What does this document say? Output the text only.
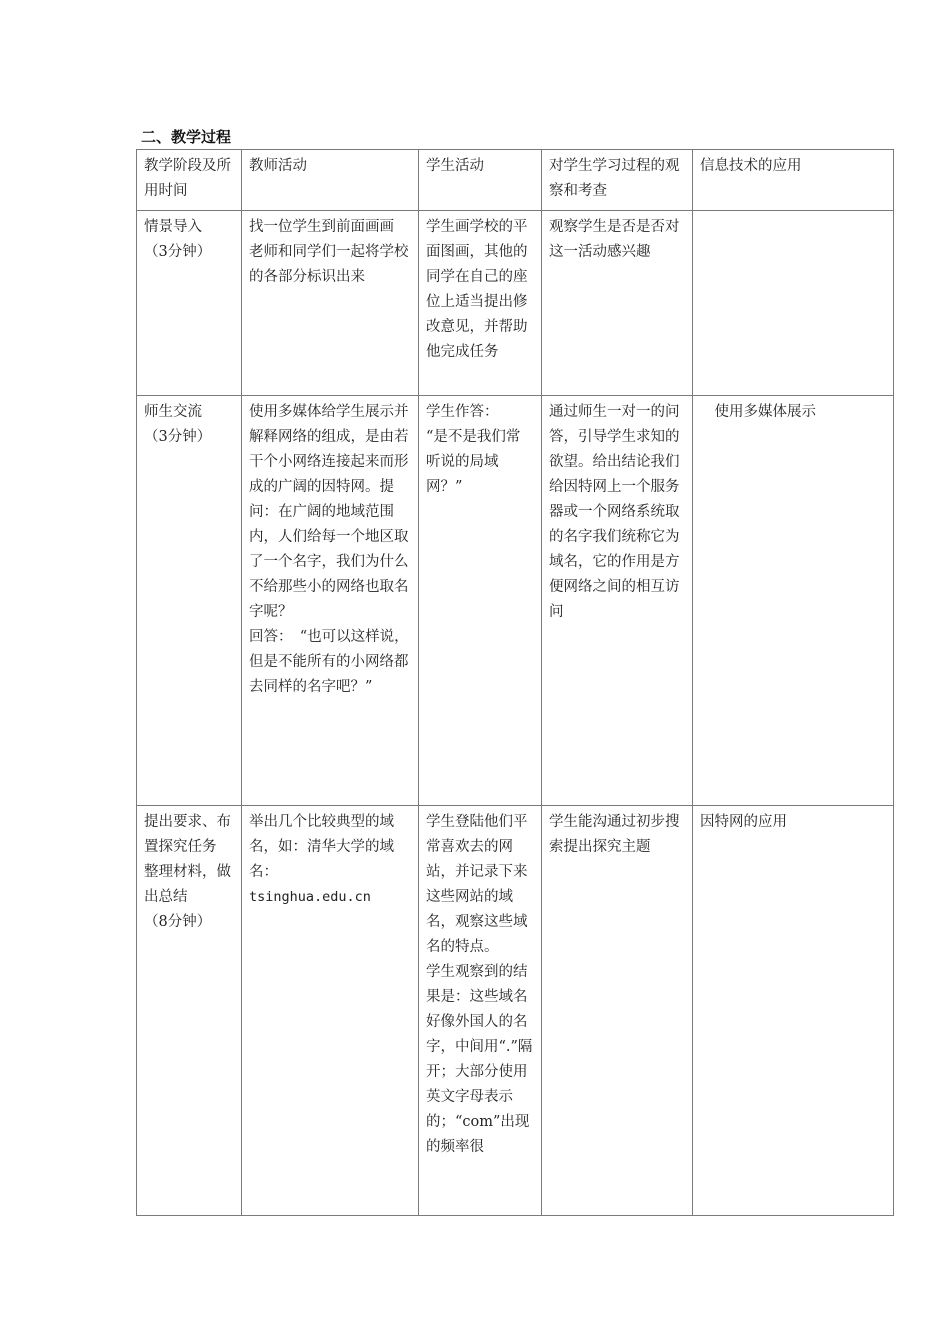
二、教学过程
教学阶段及所用时间	教师活动	学生活动	对学生学习过程的观察和考查	信息技术的应用

情景导入
（3分钟）	找一位学生到前面画画
老师和同学们一起将学校的各部分标识出来	学生画学校的平面图画，其他的同学在自己的座位上适当提出修改意见，并帮助他完成任务	观察学生是否是否对这一活动感兴趣	

师生交流
（3分钟）	使用多媒体给学生展示并解释网络的组成，是由若干个小网络连接起来而形成的广阔的因特网。提问：在广阔的地域范围内，人们给每一个地区取了一个名字，我们为什么不给那些小的网络也取名字呢？
回答：　“也可以这样说，但是不能所有的小网络都去同样的名字吧？”	学生作答：
“是不是我们常听说的局域网？”	通过师生一对一的问答，引导学生求知的欲望。给出结论我们给因特网上一个服务器或一个网络系统取的名字我们统称它为域名，它的作用是方便网络之间的相互访问	　使用多媒体展示

提出要求、布置探究任务
整理材料，做出总结
（8分钟）	举出几个比较典型的域名，如：清华大学的域名：
tsinghua.edu.cn	学生登陆他们平常喜欢去的网站，并记录下来这些网站的域名，观察这些域名的特点。
学生观察到的结果是：这些域名好像外国人的名字，中间用“.”隔开；大部分使用英文字母表示的；“com”出现的频率很	学生能沟通过初步搜索提出探究主题	因特网的应用
